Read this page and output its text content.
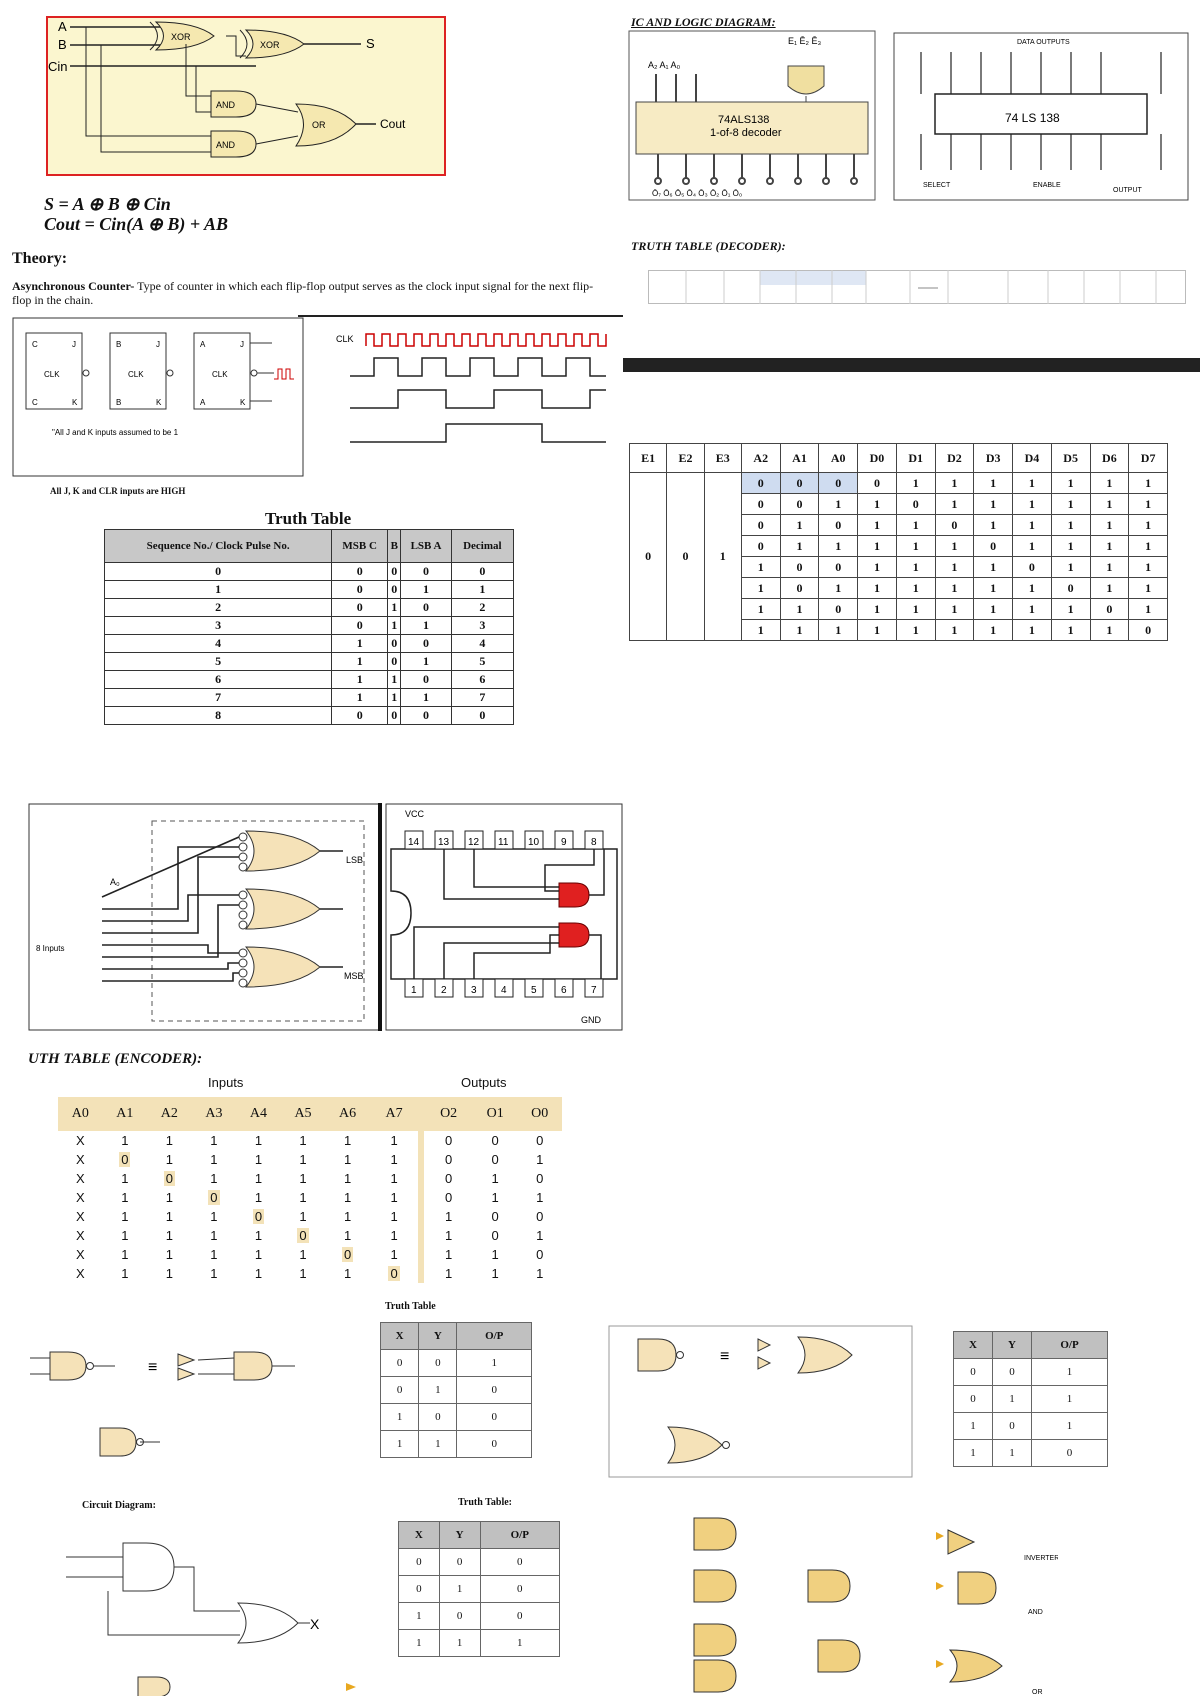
A
B
Cin
XOR
XOR	S
AND
AND
OR	Cout
S = A ⊕ B ⊕ Cin
Cout = Cin(A ⊕ B) + AB
Theory:
Asynchronous Counter- Type of counter in which each flip-flop output serves as the clock input signal for the next flip-flop in the chain.
C	J	B	J	A	J
CLK	CLK	CLK
C	K	B	K	A	K
"All J and K inputs assumed to be 1
All J, K and CLR inputs are HIGH
CLK
Truth Table
Sequence No./ Clock Pulse No.	MSB C	B	LSB A	Decimal
0	0	0	0	0
1	0	0	1	1
2	0	1	0	2
3	0	1	1	3
4	1	0	0	4
5	1	0	1	5
6	1	1	0	6
7	1	1	1	7
8	0	0	0	0
IC AND LOGIC DIAGRAM:
E₁ Ē₂ Ē₃
A₂ A₁ A₀
74ALS138
1-of-8 decoder
Ō₇ Ō₆ Ō₅ Ō₄ Ō₃ Ō₂ Ō₁ Ō₀
DATA OUTPUTS
74 LS 138
SELECT	ENABLE
OUTPUT
TRUTH TABLE (DECODER):
E1	E2	E3	A2	A1	A0	D0	D1	D2	D3	D4	D5	D6	D7
0	0	1	0	0	0	0	1	1	1	1	1	1	1
			0	0	1	1	0	1	1	1	1	1	1
			0	1	0	1	1	0	1	1	1	1	1
			0	1	1	1	1	1	0	1	1	1	1
			1	0	0	1	1	1	1	0	1	1	1
			1	0	1	1	1	1	1	1	0	1	1
			1	1	0	1	1	1	1	1	1	0	1
			1	1	1	1	1	1	1	1	1	1	0
A₀
8 Inputs
LSB
MSB
VCC
14 13 12 11 10 9 8
1 2 3 4 5 6 7
GND
UTH TABLE (ENCODER):
Inputs	Outputs
A0	A1	A2	A3	A4	A5	A6	A7	O2	O1	O0
X	1	1	1	1	1	1	1	0	0	0
X	0	1	1	1	1	1	1	0	0	1
X	1	0	1	1	1	1	1	0	1	0
X	1	1	0	1	1	1	1	0	1	1
X	1	1	1	0	1	1	1	1	0	0
X	1	1	1	1	0	1	1	1	0	1
X	1	1	1	1	1	0	1	1	1	0
X	1	1	1	1	1	1	0	1	1	1
≡
Truth Table
X	Y	O/P
0	0	1
0	1	0
1	0	0
1	1	0
≡
X	Y	O/P
0	0	1
0	1	1
1	0	1
1	1	0
Circuit Diagram:
X
Truth Table:
X	Y	O/P
0	0	0
0	1	0
1	0	0
1	1	1
INVERTER
AND
OR
